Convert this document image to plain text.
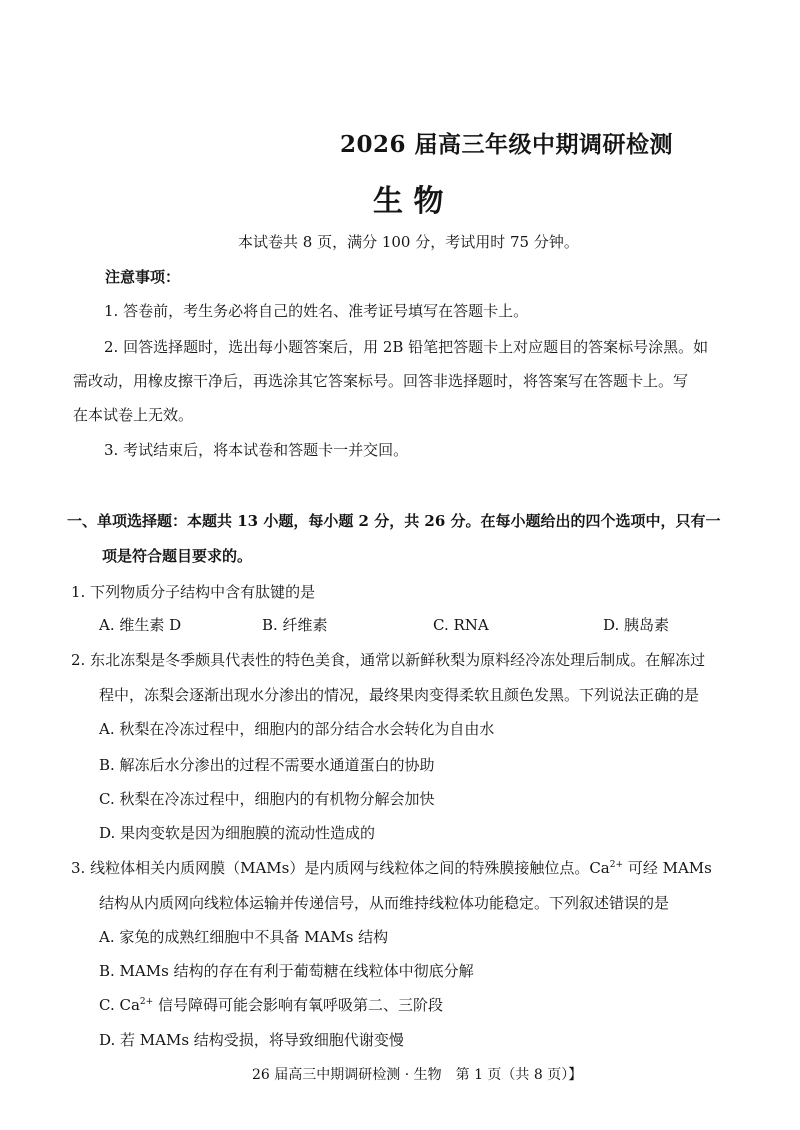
2026 届高三年级中期调研检测
生 物
本试卷共 8 页，满分 100 分，考试用时 75 分钟。
注意事项：
1. 答卷前，考生务必将自己的姓名、准考证号填写在答题卡上。
2. 回答选择题时，选出每小题答案后，用 2B 铅笔把答题卡上对应题目的答案标号涂黑。如
需改动，用橡皮擦干净后，再选涂其它答案标号。回答非选择题时，将答案写在答题卡上。写
在本试卷上无效。
3. 考试结束后，将本试卷和答题卡一并交回。
一、单项选择题：本题共 13 小题，每小题 2 分，共 26 分。在每小题给出的四个选项中，只有一
项是符合题目要求的。
1. 下列物质分子结构中含有肽键的是
A. 维生素 D	B. 纤维素	C. RNA	D. 胰岛素
2. 东北冻梨是冬季颇具代表性的特色美食，通常以新鲜秋梨为原料经冷冻处理后制成。在解冻过
程中，冻梨会逐渐出现水分渗出的情况，最终果肉变得柔软且颜色发黑。下列说法正确的是
A. 秋梨在冷冻过程中，细胞内的部分结合水会转化为自由水
B. 解冻后水分渗出的过程不需要水通道蛋白的协助
C. 秋梨在冷冻过程中，细胞内的有机物分解会加快
D. 果肉变软是因为细胞膜的流动性造成的
3. 线粒体相关内质网膜（MAMs）是内质网与线粒体之间的特殊膜接触位点。$Ca^{2+}$ 可经 MAMs
结构从内质网向线粒体运输并传递信号，从而维持线粒体功能稳定。下列叙述错误的是
A. 家兔的成熟红细胞中不具备 MAMs 结构
B. MAMs 结构的存在有利于葡萄糖在线粒体中彻底分解
C. $Ca^{2+}$ 信号障碍可能会影响有氧呼吸第二、三阶段
D. 若 MAMs 结构受损，将导致细胞代谢变慢
26 届高三中期调研检测 · 生物　第 1 页（共 8 页）】
